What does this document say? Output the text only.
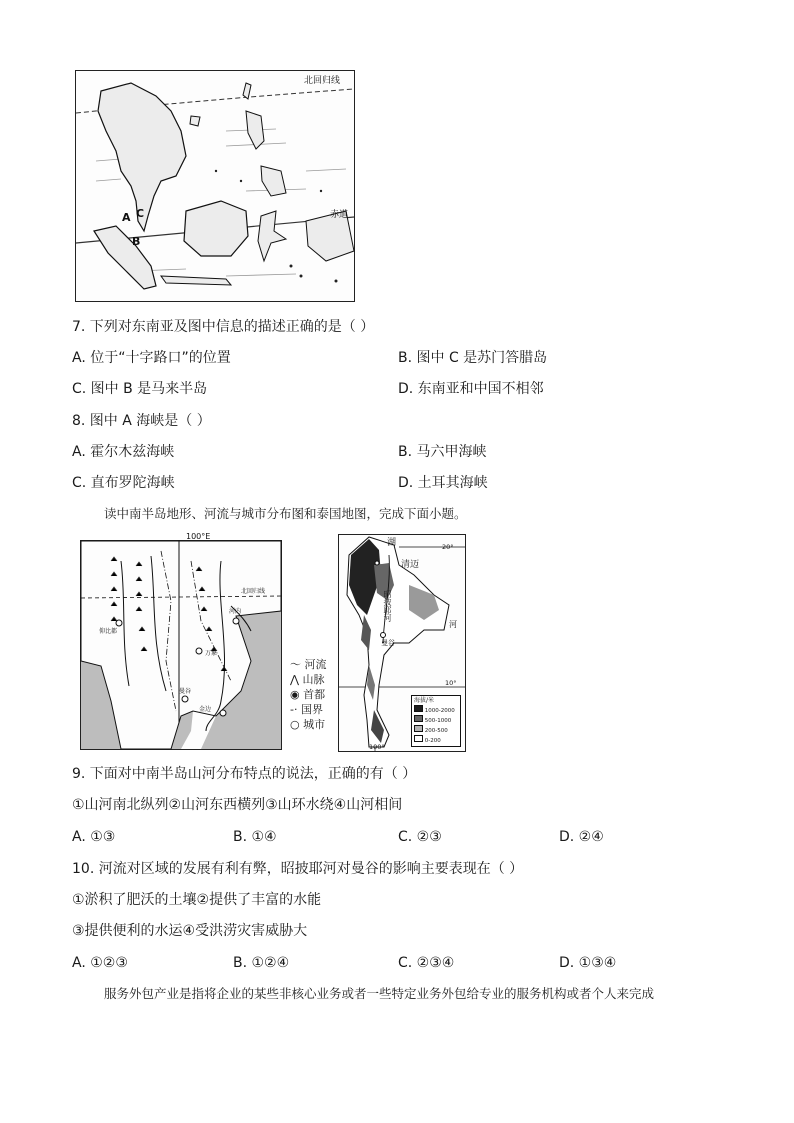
北回归线
赤道
A C
B
7. 下列对东南亚及图中信息的描述正确的是（ ）
A. 位于“十字路口”的位置	B. 图中 C 是苏门答腊岛
C. 图中 B 是马来半岛	D. 东南亚和中国不相邻
8. 图中 A 海峡是（ ）
A. 霍尔木兹海峡	B. 马六甲海峡
C. 直布罗陀海峡	D. 土耳其海峡
读中南半岛地形、河流与城市分布图和泰国地图，完成下面小题。
100°E
北回归线
仰比都
河内
万象
曼谷
金边
〜 河流
⋀ 山脉
◉ 首都
-· 国界
○ 城市
20°
10°
100°
湖
清迈
曼谷
河
昭披耶河
海拔/米
1000-2000
500-1000
200-500
0-200
9. 下面对中南半岛山河分布特点的说法，正确的有（ ）
①山河南北纵列②山河东西横列③山环水绕④山河相间
A. ①③	B. ①④	C. ②③	D. ②④
10. 河流对区域的发展有利有弊，昭披耶河对曼谷的影响主要表现在（ ）
①淤积了肥沃的土壤②提供了丰富的水能
③提供便利的水运④受洪涝灾害威胁大
A. ①②③	B. ①②④	C. ②③④	D. ①③④
服务外包产业是指将企业的某些非核心业务或者一些特定业务外包给专业的服务机构或者个人来完成
